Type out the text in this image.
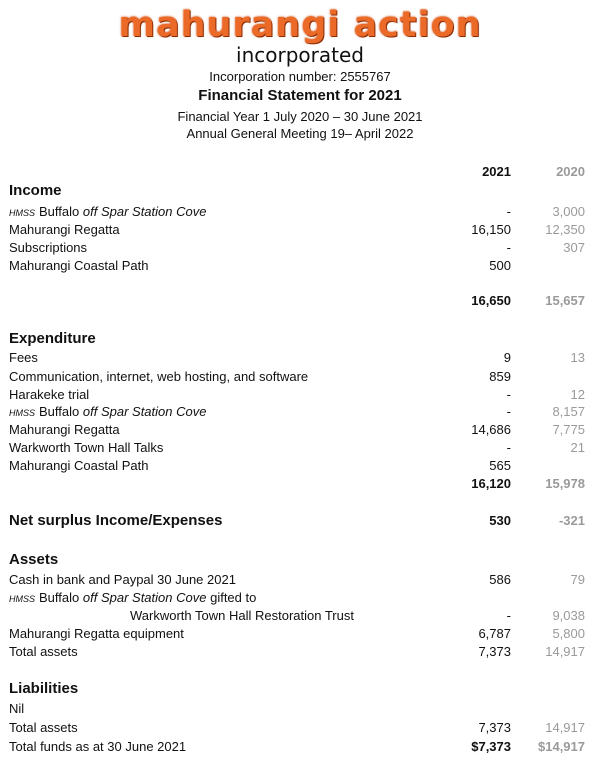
mahurangi action
incorporated
Incorporation number: 2555767
Financial Statement for 2021
Financial Year 1 July 2020 – 30 June 2021
Annual General Meeting 19– April 2022
2021	2020
Income
HMSS Buffalo off Spar Station Cove	-	3,000
Mahurangi Regatta	16,150	12,350
Subscriptions	-	307
Mahurangi Coastal Path	500
16,650	15,657
Expenditure
Fees	9	13
Communication, internet, web hosting, and software	859
Harakeke trial	-	12
HMSS Buffalo off Spar Station Cove	-	8,157
Mahurangi Regatta	14,686	7,775
Warkworth Town Hall Talks	-	21
Mahurangi Coastal Path	565
16,120	15,978
Net surplus Income/Expenses	530	-321
Assets
Cash in bank and Paypal 30 June 2021	586	79
HMSS Buffalo off Spar Station Cove gifted to
Warkworth Town Hall Restoration Trust	-	9,038
Mahurangi Regatta equipment	6,787	5,800
Total assets	7,373	14,917
Liabilities
Nil
Total assets	7,373	14,917
Total funds as at 30 June 2021	$7,373 $14,917
